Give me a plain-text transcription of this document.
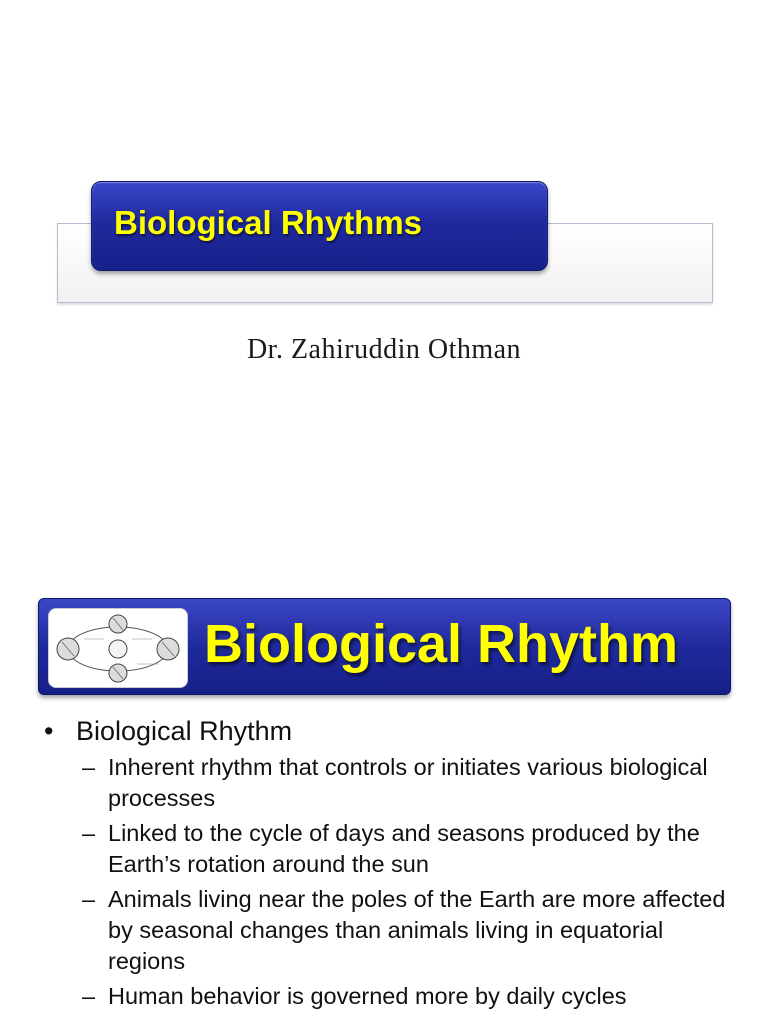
Biological Rhythms
Dr. Zahiruddin Othman
Biological Rhythm
• Biological Rhythm
– Inherent rhythm that controls or initiates various biological processes
– Linked to the cycle of days and seasons produced by the Earth’s rotation around the sun
– Animals living near the poles of the Earth are more affected by seasonal changes than animals living in equatorial regions
– Human behavior is governed more by daily cycles
